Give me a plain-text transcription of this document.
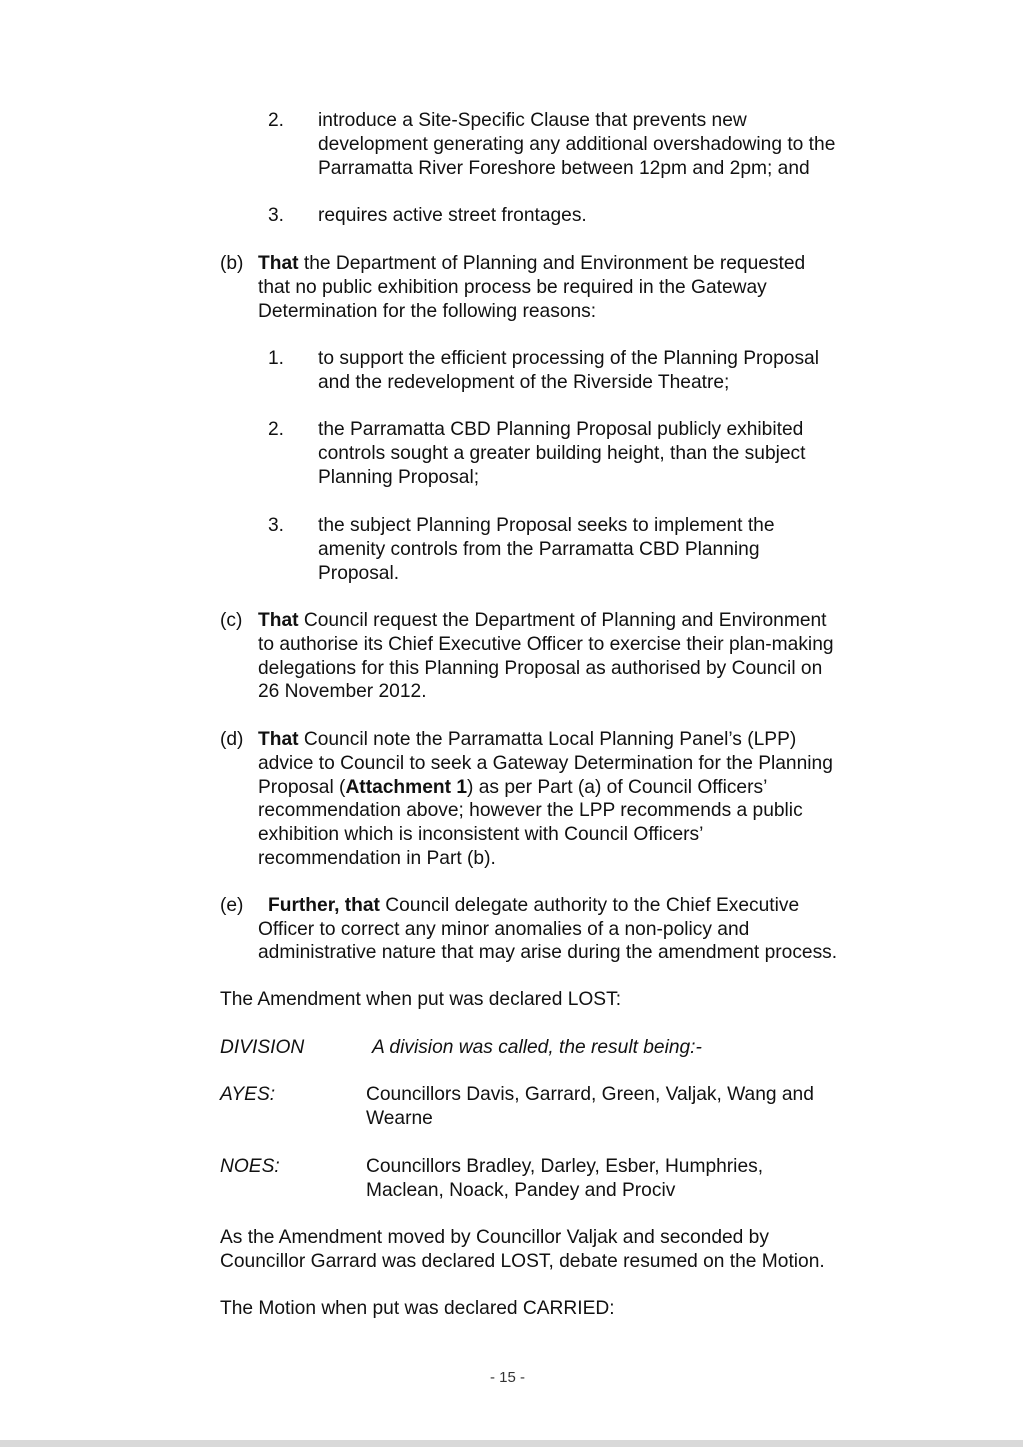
2. introduce a Site-Specific Clause that prevents new
development generating any additional overshadowing to the
Parramatta River Foreshore between 12pm and 2pm; and
3. requires active street frontages.
(b) That the Department of Planning and Environment be requested
that no public exhibition process be required in the Gateway
Determination for the following reasons:
1. to support the efficient processing of the Planning Proposal
and the redevelopment of the Riverside Theatre;
2. the Parramatta CBD Planning Proposal publicly exhibited
controls sought a greater building height, than the subject
Planning Proposal;
3. the subject Planning Proposal seeks to implement the
amenity controls from the Parramatta CBD Planning
Proposal.
(c) That Council request the Department of Planning and Environment
to authorise its Chief Executive Officer to exercise their plan-making
delegations for this Planning Proposal as authorised by Council on
26 November 2012.
(d) That Council note the Parramatta Local Planning Panel’s (LPP)
advice to Council to seek a Gateway Determination for the Planning
Proposal (Attachment 1) as per Part (a) of Council Officers’
recommendation above; however the LPP recommends a public
exhibition which is inconsistent with Council Officers’
recommendation in Part (b).
(e) Further, that Council delegate authority to the Chief Executive
Officer to correct any minor anomalies of a non-policy and
administrative nature that may arise during the amendment process.
The Amendment when put was declared LOST:
DIVISION	A division was called, the result being:-
AYES:	Councillors Davis, Garrard, Green, Valjak, Wang and
Wearne
NOES:	Councillors Bradley, Darley, Esber, Humphries,
Maclean, Noack, Pandey and Prociv
As the Amendment moved by Councillor Valjak and seconded by
Councillor Garrard was declared LOST, debate resumed on the Motion.
The Motion when put was declared CARRIED:
- 15 -
